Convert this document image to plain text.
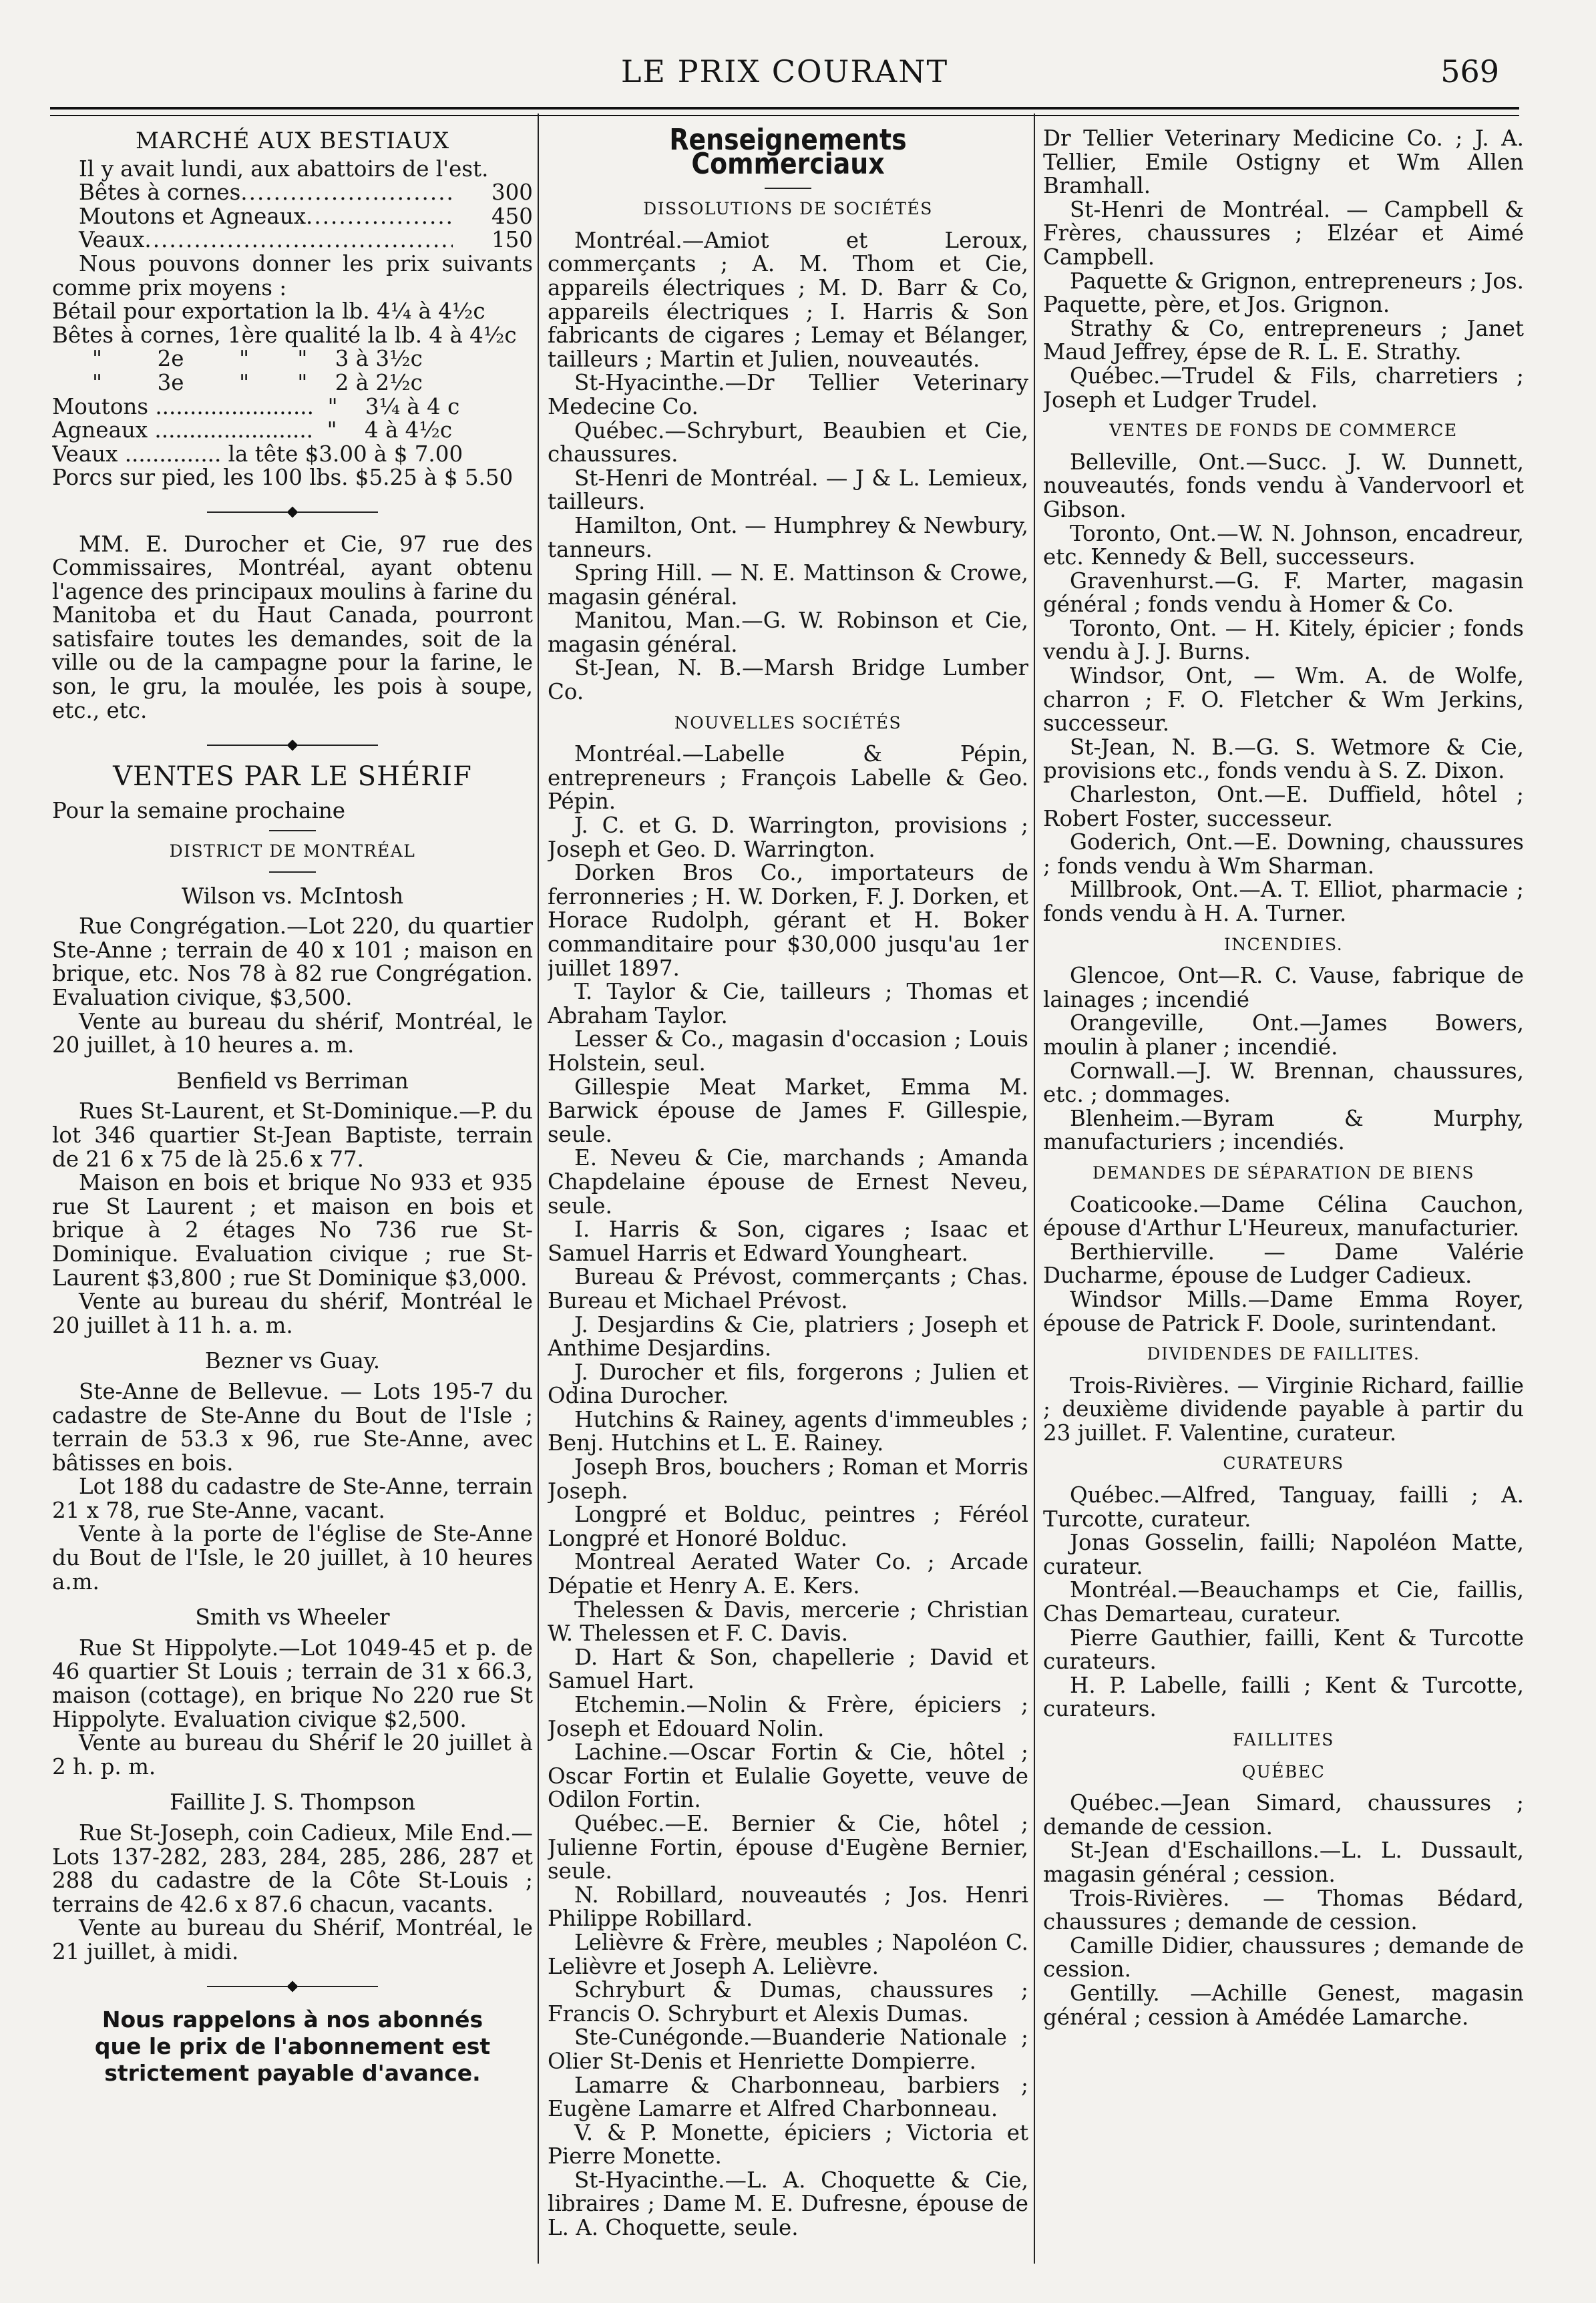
LE PRIX COURANT	569
MARCHÉ AUX BESTIAUX

Il y avait lundi, aux abattoirs de l'est.

Bêtes à cornes .....	300
Moutons et Agneaux .....	450
Veaux .....	150

Nous pouvons donner les prix suivants comme prix moyens :

Bétail pour exportation la lb. 4¼ à 4½c

Bêtes à cornes, 1ère qualité la lb. 4 à 4½c

"        2e        "       "    3 à 3½c

"        3e        "       "    2 à 2½c

Moutons .......................  "    3¼ à 4 c

Agneaux .......................  "    4 à 4½c

Veaux .............. la tête $3.00 à $ 7.00

Porcs sur pied, les 100 lbs. $5.25 à $ 5.50

MM. E. Durocher et Cie, 97 rue des Commissaires, Montréal, ayant obtenu l'agence des principaux moulins à farine du Manitoba et du Haut Canada, pourront satisfaire toutes les demandes, soit de la ville ou de la campagne pour la farine, le son, le gru, la moulée, les pois à soupe, etc., etc.

VENTES PAR LE SHÉRIF

Pour la semaine prochaine

DISTRICT DE MONTRÉAL
Wilson vs. McIntosh

Rue Congrégation.—Lot 220, du quartier Ste-Anne ; terrain de 40 x 101 ; maison en brique, etc. Nos 78 à 82 rue Congrégation. Evaluation civique, $3,500.

Vente au bureau du shérif, Montréal, le 20 juillet, à 10 heures a. m.

Benfield vs Berriman

Rues St-Laurent, et St-Dominique.—P. du lot 346 quartier St-Jean Baptiste, terrain de 21 6 x 75 de là 25.6 x 77.

Maison en bois et brique No 933 et 935 rue St Laurent ; et maison en bois et brique à 2 étages No 736 rue St-Dominique. Evaluation civique ; rue St-Laurent $3,800 ; rue St Dominique $3,000.

Vente au bureau du shérif, Montréal le 20 juillet à 11 h. a. m.

Bezner vs Guay.

Ste-Anne de Bellevue. — Lots 195-7 du cadastre de Ste-Anne du Bout de l'Isle ; terrain de 53.3 x 96, rue Ste-Anne, avec bâtisses en bois.

Lot 188 du cadastre de Ste-Anne, terrain 21 x 78, rue Ste-Anne, vacant.

Vente à la porte de l'église de Ste-Anne du Bout de l'Isle, le 20 juillet, à 10 heures a.m.

Smith vs Wheeler

Rue St Hippolyte.—Lot 1049-45 et p. de 46 quartier St Louis ; terrain de 31 x 66.3, maison (cottage), en brique No 220 rue St Hippolyte. Evaluation civique $2,500.

Vente au bureau du Shérif le 20 juillet à 2 h. p. m.

Faillite J. S. Thompson

Rue St-Joseph, coin Cadieux, Mile End.—Lots 137-282, 283, 284, 285, 286, 287 et 288 du cadastre de la Côte St-Louis ; terrains de 42.6 x 87.6 chacun, vacants.

Vente au bureau du Shérif, Montréal, le 21 juillet, à midi.

Nous rappelons à nos abonnés

que le prix de l'abonnement est

strictement payable d'avance.

Renseignements Commerciaux
DISSOLUTIONS DE SOCIÉTÉS

Montréal.—Amiot et Leroux, commerçants ; A. M. Thom et Cie, appareils électriques ; M. D. Barr & Co, appareils électriques ; I. Harris & Son fabricants de cigares ; Lemay et Bélanger, tailleurs ; Martin et Julien, nouveautés.

St-Hyacinthe.—Dr Tellier Veterinary Medecine Co.

Québec.—Schryburt, Beaubien et Cie, chaussures.

St-Henri de Montréal. — J & L. Lemieux, tailleurs.

Hamilton, Ont. — Humphrey & Newbury, tanneurs.

Spring Hill. — N. E. Mattinson & Crowe, magasin général.

Manitou, Man.—G. W. Robinson et Cie, magasin général.

St-Jean, N. B.—Marsh Bridge Lumber Co.

NOUVELLES SOCIÉTÉS

Montréal.—Labelle & Pépin, entrepreneurs ; François Labelle & Geo. Pépin.

J. C. et G. D. Warrington, provisions ; Joseph et Geo. D. Warrington.

Dorken Bros Co., importateurs de ferronneries ; H. W. Dorken, F. J. Dorken, et Horace Rudolph, gérant et H. Boker commanditaire pour $30,000 jusqu'au 1er juillet 1897.

T. Taylor & Cie, tailleurs ; Thomas et Abraham Taylor.

Lesser & Co., magasin d'occasion ; Louis Holstein, seul.

Gillespie Meat Market, Emma M. Barwick épouse de James F. Gillespie, seule.

E. Neveu & Cie, marchands ; Amanda Chapdelaine épouse de Ernest Neveu, seule.

I. Harris & Son, cigares ; Isaac et Samuel Harris et Edward Youngheart.

Bureau & Prévost, commerçants ; Chas. Bureau et Michael Prévost.

J. Desjardins & Cie, platriers ; Joseph et Anthime Desjardins.

J. Durocher et fils, forgerons ; Julien et Odina Durocher.

Hutchins & Rainey, agents d'immeubles ; Benj. Hutchins et L. E. Rainey.

Joseph Bros, bouchers ; Roman et Morris Joseph.

Longpré et Bolduc, peintres ; Féréol Longpré et Honoré Bolduc.

Montreal Aerated Water Co. ; Arcade Dépatie et Henry A. E. Kers.

Thelessen & Davis, mercerie ; Christian W. Thelessen et F. C. Davis.

D. Hart & Son, chapellerie ; David et Samuel Hart.

Etchemin.—Nolin & Frère, épiciers ; Joseph et Edouard Nolin.

Lachine.—Oscar Fortin & Cie, hôtel ; Oscar Fortin et Eulalie Goyette, veuve de Odilon Fortin.

Québec.—E. Bernier & Cie, hôtel ; Julienne Fortin, épouse d'Eugène Bernier, seule.

N. Robillard, nouveautés ; Jos. Henri Philippe Robillard.

Lelièvre & Frère, meubles ; Napoléon C. Lelièvre et Joseph A. Lelièvre.

Schryburt & Dumas, chaussures ; Francis O. Schryburt et Alexis Dumas.

Ste-Cunégonde.—Buanderie Nationale ; Olier St-Denis et Henriette Dompierre.

Lamarre & Charbonneau, barbiers ; Eugène Lamarre et Alfred Charbonneau.

V. & P. Monette, épiciers ; Victoria et Pierre Monette.

St-Hyacinthe.—L. A. Choquette & Cie, libraires ; Dame M. E. Dufresne, épouse de L. A. Choquette, seule.

Dr Tellier Veterinary Medicine Co. ; J. A. Tellier, Emile Ostigny et Wm Allen Bramhall.

St-Henri de Montréal. — Campbell & Frères, chaussures ; Elzéar et Aimé Campbell.

Paquette & Grignon, entrepreneurs ; Jos. Paquette, père, et Jos. Grignon.

Strathy & Co, entrepreneurs ; Janet Maud Jeffrey, épse de R. L. E. Strathy.

Québec.—Trudel & Fils, charretiers ; Joseph et Ludger Trudel.

VENTES DE FONDS DE COMMERCE

Belleville, Ont.—Succ. J. W. Dunnett, nouveautés, fonds vendu à Vandervoorl et Gibson.

Toronto, Ont.—W. N. Johnson, encadreur, etc. Kennedy & Bell, successeurs.

Gravenhurst.—G. F. Marter, magasin général ; fonds vendu à Homer & Co.

Toronto, Ont. — H. Kitely, épicier ; fonds vendu à J. J. Burns.

Windsor, Ont, — Wm. A. de Wolfe, charron ; F. O. Fletcher & Wm Jerkins, successeur.

St-Jean, N. B.—G. S. Wetmore & Cie, provisions etc., fonds vendu à S. Z. Dixon.

Charleston, Ont.—E. Duffield, hôtel ; Robert Foster, successeur.

Goderich, Ont.—E. Downing, chaussures ; fonds vendu à Wm Sharman.

Millbrook, Ont.—A. T. Elliot, pharmacie ; fonds vendu à H. A. Turner.

INCENDIES.

Glencoe, Ont—R. C. Vause, fabrique de lainages ; incendié

Orangeville, Ont.—James Bowers, moulin à planer ; incendié.

Cornwall.—J. W. Brennan, chaussures, etc. ; dommages.

Blenheim.—Byram & Murphy, manufacturiers ; incendiés.

DEMANDES DE SÉPARATION DE BIENS

Coaticooke.—Dame Célina Cauchon, épouse d'Arthur L'Heureux, manufacturier.

Berthierville. — Dame Valérie Ducharme, épouse de Ludger Cadieux.

Windsor Mills.—Dame Emma Royer, épouse de Patrick F. Doole, surintendant.

DIVIDENDES DE FAILLITES.

Trois-Rivières. — Virginie Richard, faillie ; deuxième dividende payable à partir du 23 juillet. F. Valentine, curateur.

CURATEURS

Québec.—Alfred, Tanguay, failli ; A. Turcotte, curateur.

Jonas Gosselin, failli; Napoléon Matte, curateur.

Montréal.—Beauchamps et Cie, faillis, Chas Demarteau, curateur.

Pierre Gauthier, failli, Kent & Turcotte curateurs.

H. P. Labelle, failli ; Kent & Turcotte, curateurs.

FAILLITES
QUÉBEC

Québec.—Jean Simard, chaussures ; demande de cession.

St-Jean d'Eschaillons.—L. L. Dussault, magasin général ; cession.

Trois-Rivières. — Thomas Bédard, chaussures ; demande de cession.

Camille Didier, chaussures ; demande de cession.

Gentilly. —Achille Genest, magasin général ; cession à Amédée Lamarche.
